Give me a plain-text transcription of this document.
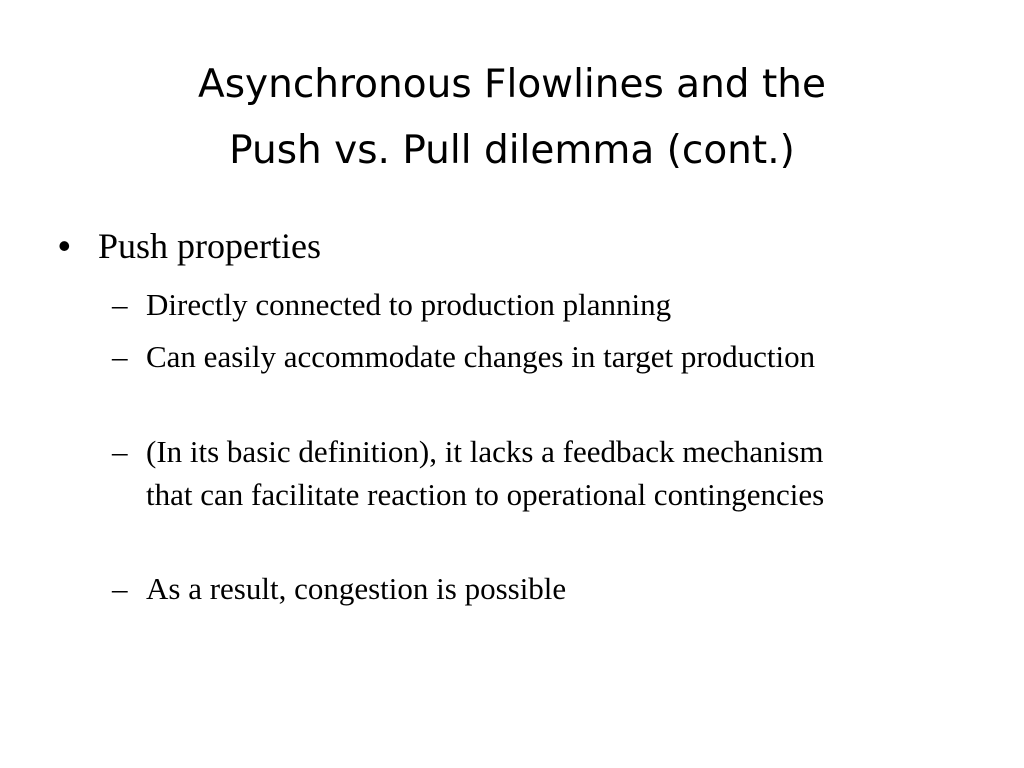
Asynchronous Flowlines and the
Push vs. Pull dilemma (cont.)
• Push properties
– Directly connected to production planning
– Can easily accommodate changes in target production
– (In its basic definition), it lacks a feedback mechanism that can facilitate reaction to operational contingencies
– As a result, congestion is possible
